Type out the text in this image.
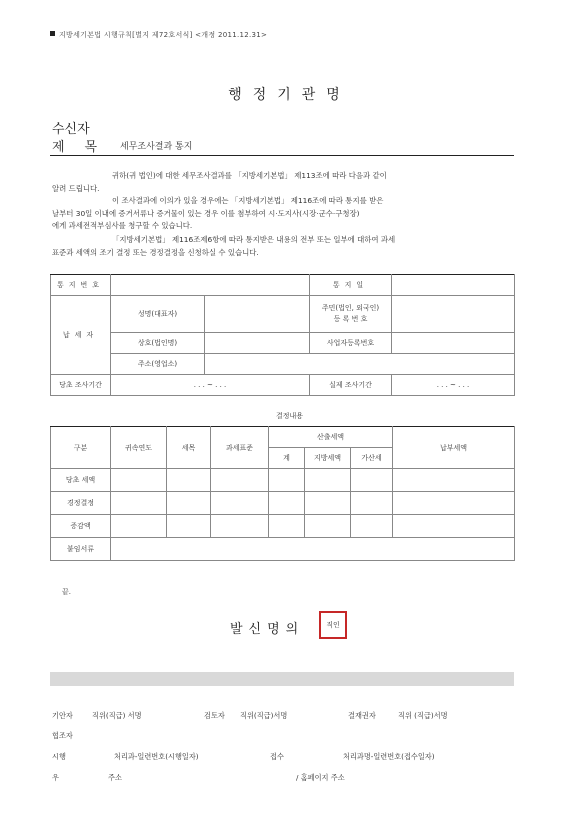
지방세기본법 시행규칙[별지 제72호서식] <개정 2011.12.31>
행정기관명
수신자
제목 세무조사결과 통지
귀하(귀 법인)에 대한 세무조사결과를 「지방세기본법」 제113조에 따라 다음과 같이
알려 드립니다.
이 조사결과에 이의가 있을 경우에는 「지방세기본법」 제116조에 따라 통지를 받은
날부터 30일 이내에 증거서류나 증거물이 있는 경우 이를 첨부하여 시·도지사(시장·군수·구청장)
에게 과세전적부심사를 청구할 수 있습니다.
「지방세기본법」 제116조제6항에 따라 통지받은 내용의 전부 또는 일부에 대하여 과세
표준과 세액의 조기 결정 또는 경정결정을 신청하실 수 있습니다.
통지번호			통지일	
납세자	성명(대표자)		주민(법인, 외국인)
등 록 번 호	

	상호(법인명)		사업자등록번호	
	주소(영업소)			
당초 조사기간	. . . ~ . . .		실제 조사기간	. . . ~ . . .
결정내용
구분	귀속연도	세목	과세표준	산출세액			납부세액
				계	지방세액	가산세	
당초 세액							
경정결정							
증감액							
붙임서류							
끝.
발신명의	직인
기안자	직위(직급) 서명	검토자 직위(직급)서명	결재권자	직위 (직급)서명
협조자
시행	처리과-일련번호(시행일자)	접수	처리과명-일련번호(접수일자)
우	주소	/ 홈페이지 주소
